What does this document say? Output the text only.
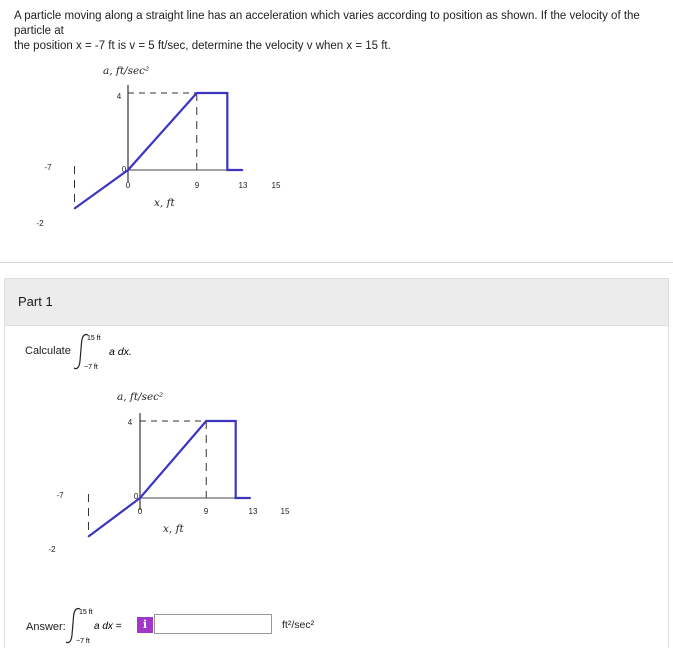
A particle moving along a straight line has an acceleration which varies according to position as shown. If the velocity of the particle at
the position x = -7 ft is v = 5 ft/sec, determine the velocity v when x = 15 ft.
a, ft/sec²
4
-7
-2
0
0	9	13	15
x, ft
Part 1
Calculate
15 ft
−7 ft
a dx.
a, ft/sec²
4
-7
-2
0
0	9	13	15
x, ft
Answer:
15 ft
−7 ft
a dx =	i	ft²/sec²
